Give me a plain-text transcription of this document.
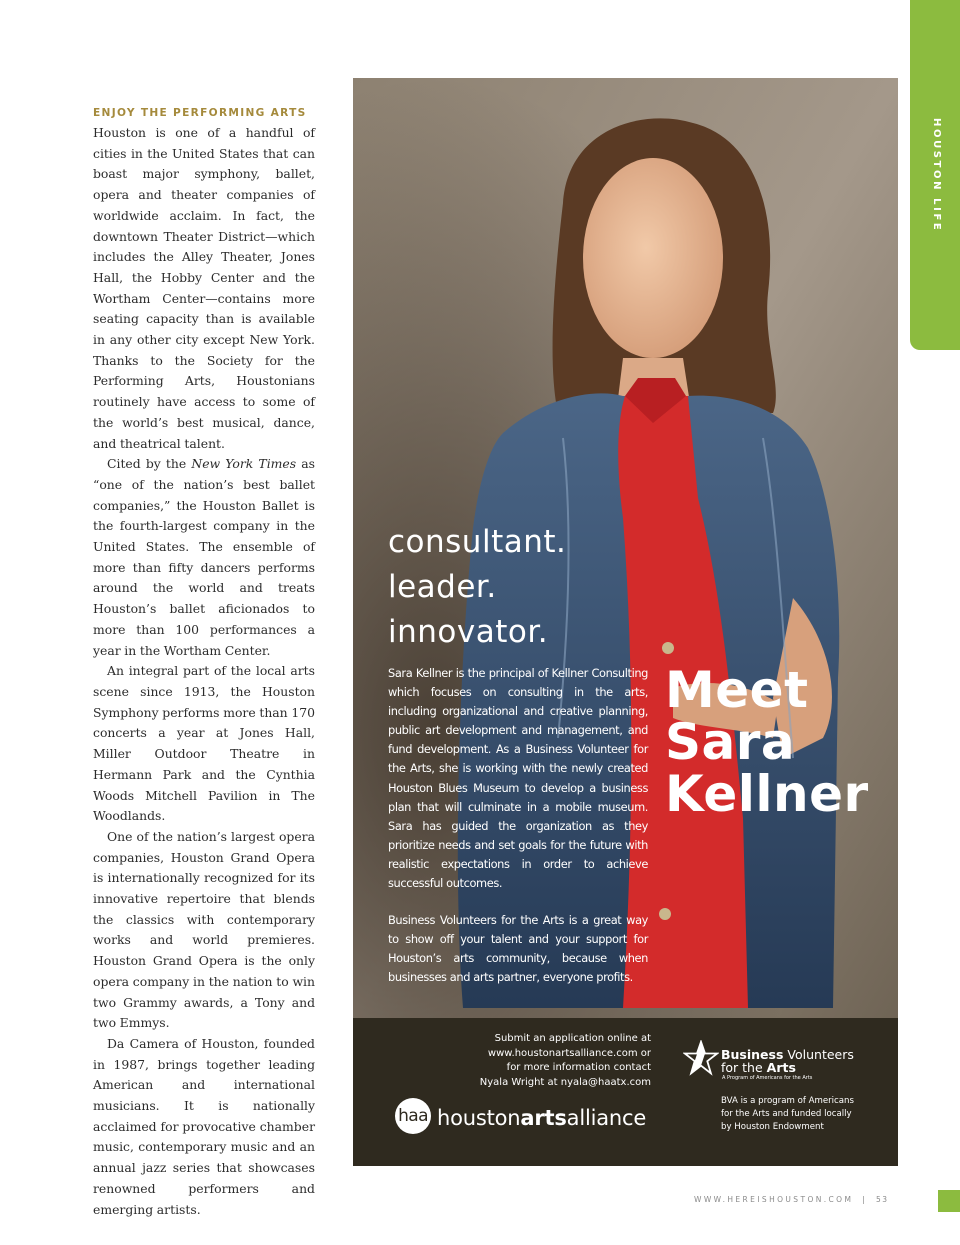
HOUSTON LIFE
ENJOY THE PERFORMING ARTS

Houston is one of a handful of cities in the United States that can boast major symphony, ballet, opera and theater companies of worldwide acclaim. In fact, the downtown Theater District—which includes the Alley Theater, Jones Hall, the Hobby Center and the Wortham Center—contains more seating capacity than is available in any other city except New York. Thanks to the Society for the Performing Arts, Houstonians routinely have access to some of the world’s best musical, dance, and theatrical talent.

Cited by the New York Times as “one of the nation’s best ballet companies,” the Houston Ballet is the fourth-largest company in the United States. The ensemble of more than fifty dancers performs around the world and treats Houston’s ballet aficionados to more than 100 performances a year in the Wortham Center.

An integral part of the local arts scene since 1913, the Houston Symphony performs more than 170 concerts a year at Jones Hall, Miller Outdoor Theatre in Hermann Park and the Cynthia Woods Mitchell Pavilion in The Woodlands.

One of the nation’s largest opera companies, Houston Grand Opera is internationally recognized for its innovative repertoire that blends the classics with contemporary works and world premieres. Houston Grand Opera is the only opera company in the nation to win two Grammy awards, a Tony and two Emmys.

Da Camera of Houston, founded in 1987, brings together leading American and international musicians. It is nationally acclaimed for provocative chamber music, contemporary music and an annual jazz series that showcases renowned performers and emerging artists.

consultant.
leader.
innovator.

Sara Kellner is the principal of Kellner Consulting which focuses on consulting in the arts, including organizational and creative planning, public art development and management, and fund development. As a Business Volunteer for the Arts, she is working with the newly created Houston Blues Museum to develop a business plan that will culminate in a mobile museum. Sara has guided the organization as they prioritize needs and set goals for the future with realistic expectations in order to achieve successful outcomes.

Business Volunteers for the Arts is a great way to show off your talent and your support for Houston’s arts community, because when businesses and arts partner, everyone profits.

Meet
Sara
Kellner
Submit an application online at
www.houstonartsalliance.com or
for more information contact
Nyala Wright at nyala@haatx.com
haa houstonartsalliance
Business Volunteers
for the Arts
A Program of Americans for the Arts
BVA is a program of Americans
for the Arts and funded locally
by Houston Endowment
WWW.HEREISHOUSTON.COM | 53
